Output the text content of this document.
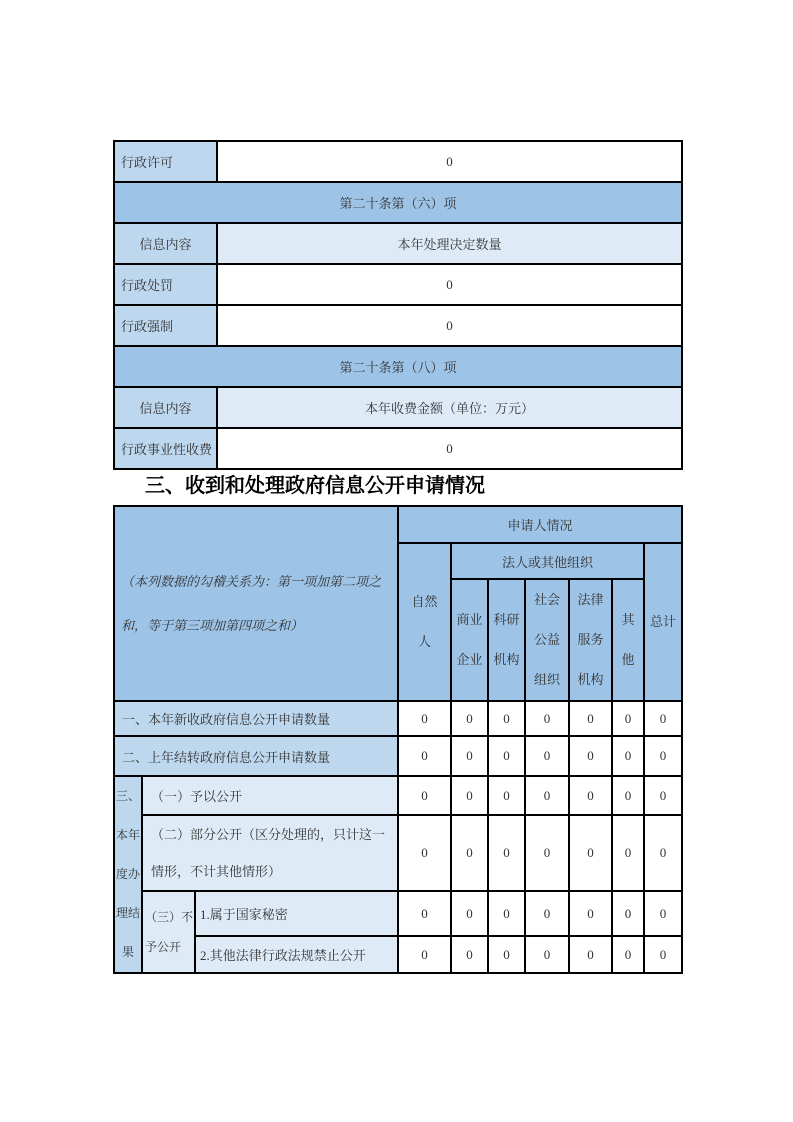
行政许可	0
第二十条第（六）项	
信息内容	本年处理决定数量
行政处罚	0
行政强制	0
第二十条第（八）项	
信息内容	本年收费金额（单位：万元）
行政事业性收费	0
三、收到和处理政府信息公开申请情况
（本列数据的勾稽关系为：第一项加第二项之和，等于第三项加第四项之和）			申请人情况						
			自然人	法人或其他组织					总计
				商业企业	科研机构	社会公益组织	法律服务机构	其他	
一、本年新收政府信息公开申请数量			0	0	0	0	0	0	0
二、上年结转政府信息公开申请数量			0	0	0	0	0	0	0
三、本年度办理结果	（一）予以公开		0	0	0	0	0	0	0
	（二）部分公开（区分处理的，只计这一情形，不计其他情形）		0	0	0	0	0	0	0
	（三）不予公开	1.属于国家秘密	0	0	0	0	0	0	0
		2.其他法律行政法规禁止公开	0	0	0	0	0	0	0
